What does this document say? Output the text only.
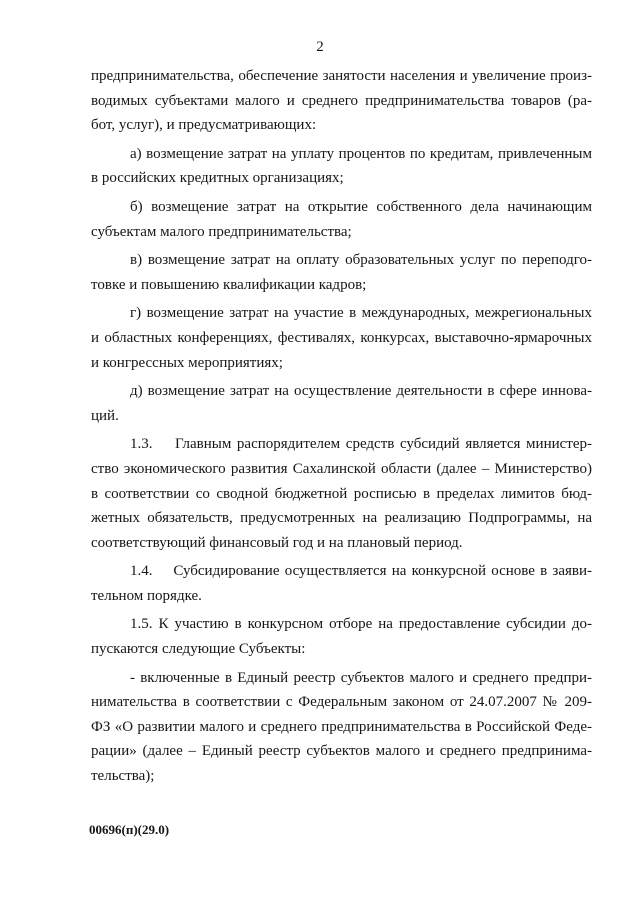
2
предпринимательства, обеспечение занятости населения и увеличение произ-
водимых субъектами малого и среднего предпринимательства товаров (ра-
бот, услуг), и предусматривающих:
а) возмещение затрат на уплату процентов по кредитам, привлеченным
в российских кредитных организациях;
б) возмещение затрат на открытие собственного дела начинающим
субъектам малого предпринимательства;
в) возмещение затрат на оплату образовательных услуг по переподго-
товке и повышению квалификации кадров;
г) возмещение затрат на участие в международных, межрегиональных
и областных конференциях, фестивалях, конкурсах, выставочно-ярмарочных
и конгрессных мероприятиях;
д) возмещение затрат на осуществление деятельности в сфере иннова-
ций.
1.3.    Главным распорядителем средств субсидий является министер-
ство экономического развития Сахалинской области (далее – Министерство)
в соответствии со сводной бюджетной росписью в пределах лимитов бюд-
жетных обязательств, предусмотренных на реализацию Подпрограммы, на
соответствующий финансовый год и на плановый период.
1.4.    Субсидирование осуществляется на конкурсной основе в заяви-
тельном порядке.
1.5. К участию в конкурсном отборе на предоставление субсидии до-
пускаются следующие Субъекты:
- включенные в Единый реестр субъектов малого и среднего предпри-
нимательства в соответствии с Федеральным законом от 24.07.2007 № 209-
ФЗ «О развитии малого и среднего предпринимательства в Российской Феде-
рации» (далее – Единый реестр субъектов малого и среднего предпринима-
тельства);
00696(п)(29.0)
